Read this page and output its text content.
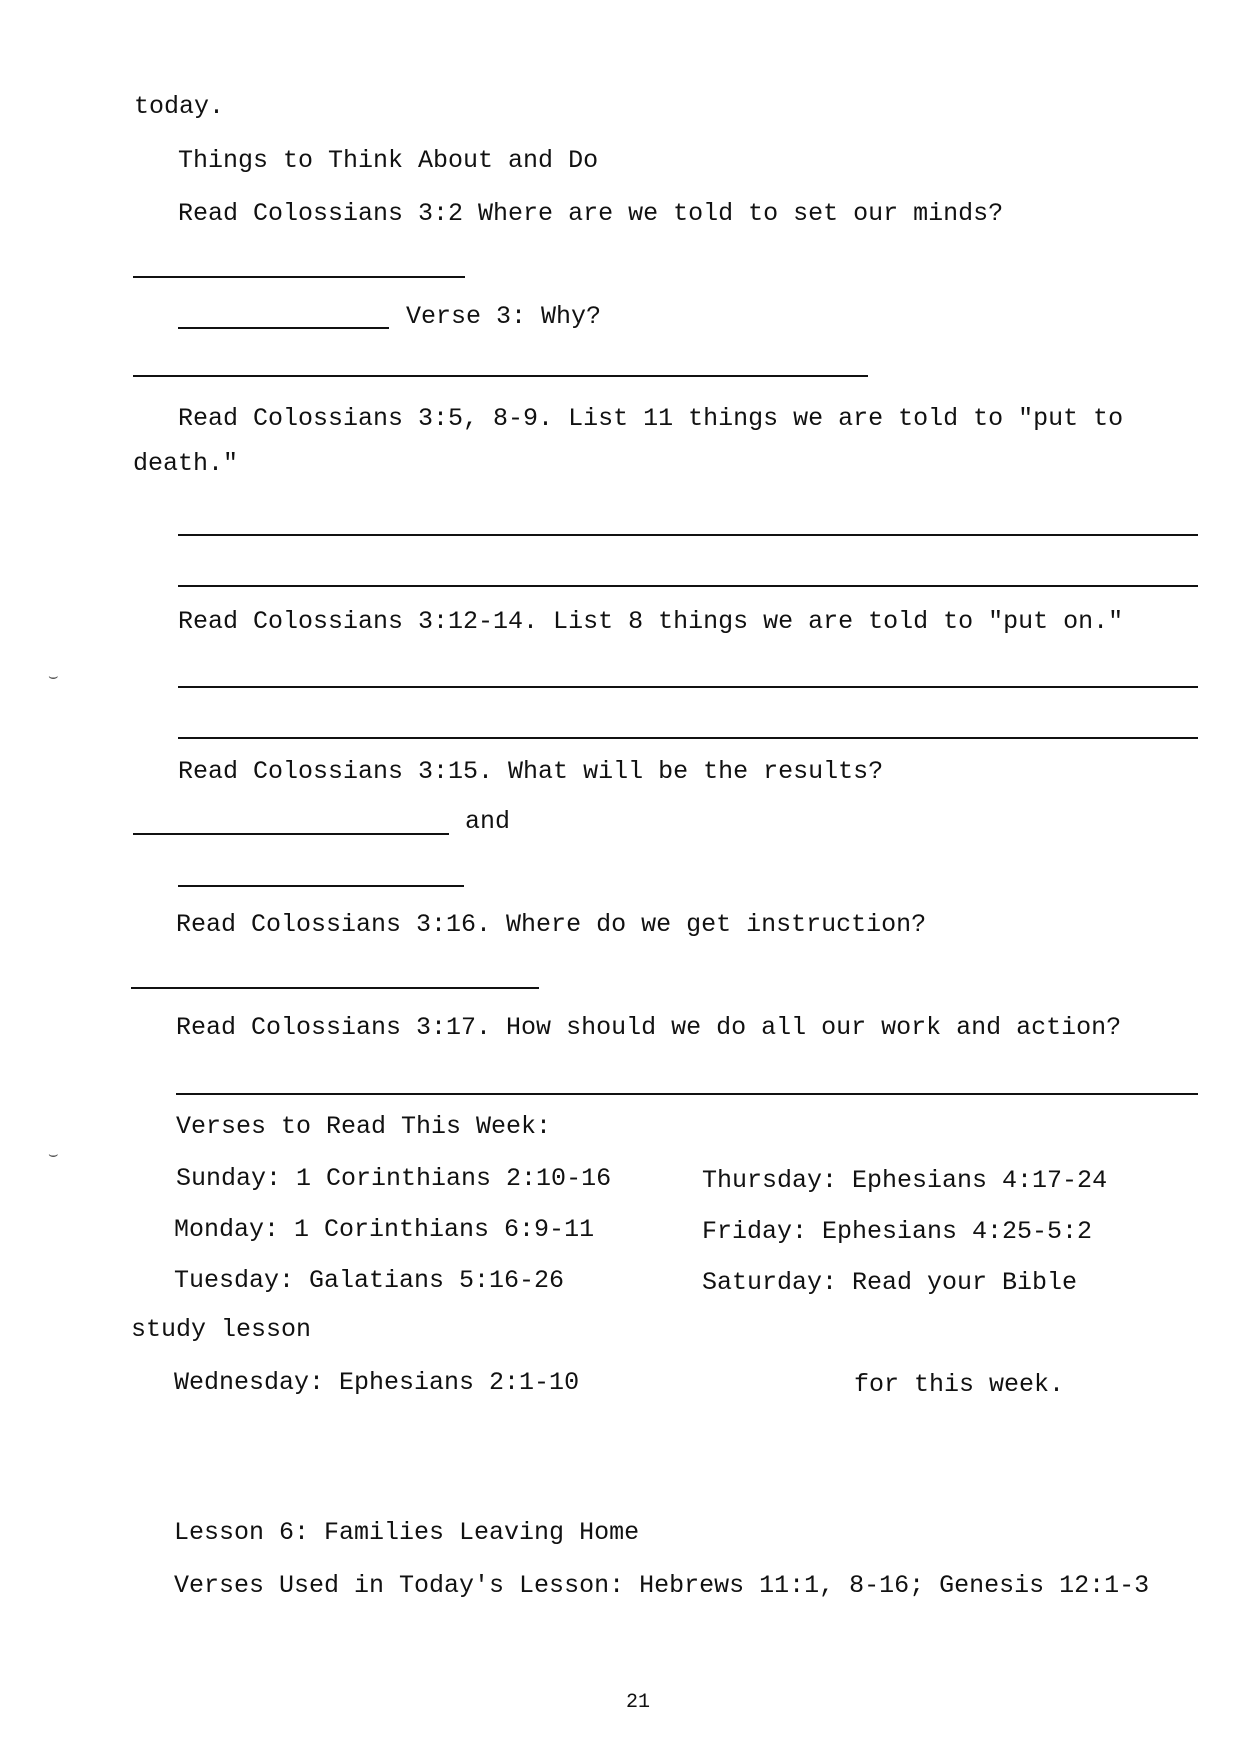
today.
Things to Think About and Do
Read Colossians 3:2 Where are we told to set our minds?
Verse 3: Why?
Read Colossians 3:5, 8-9. List 11 things we are told to "put to
death."
Read Colossians 3:12-14. List 8 things we are told to "put on."
Read Colossians 3:15. What will be the results?
and
Read Colossians 3:16. Where do we get instruction?
Read Colossians 3:17. How should we do all our work and action?
Verses to Read This Week:
Sunday: 1 Corinthians 2:10-16	Thursday: Ephesians 4:17-24
Monday: 1 Corinthians 6:9-11	Friday: Ephesians 4:25-5:2
Tuesday: Galatians 5:16-26	Saturday: Read your Bible
study lesson
Wednesday: Ephesians 2:1-10	for this week.
Lesson 6: Families Leaving Home
Verses Used in Today's Lesson: Hebrews 11:1, 8-16; Genesis 12:1-3
21
⌣
⌣
